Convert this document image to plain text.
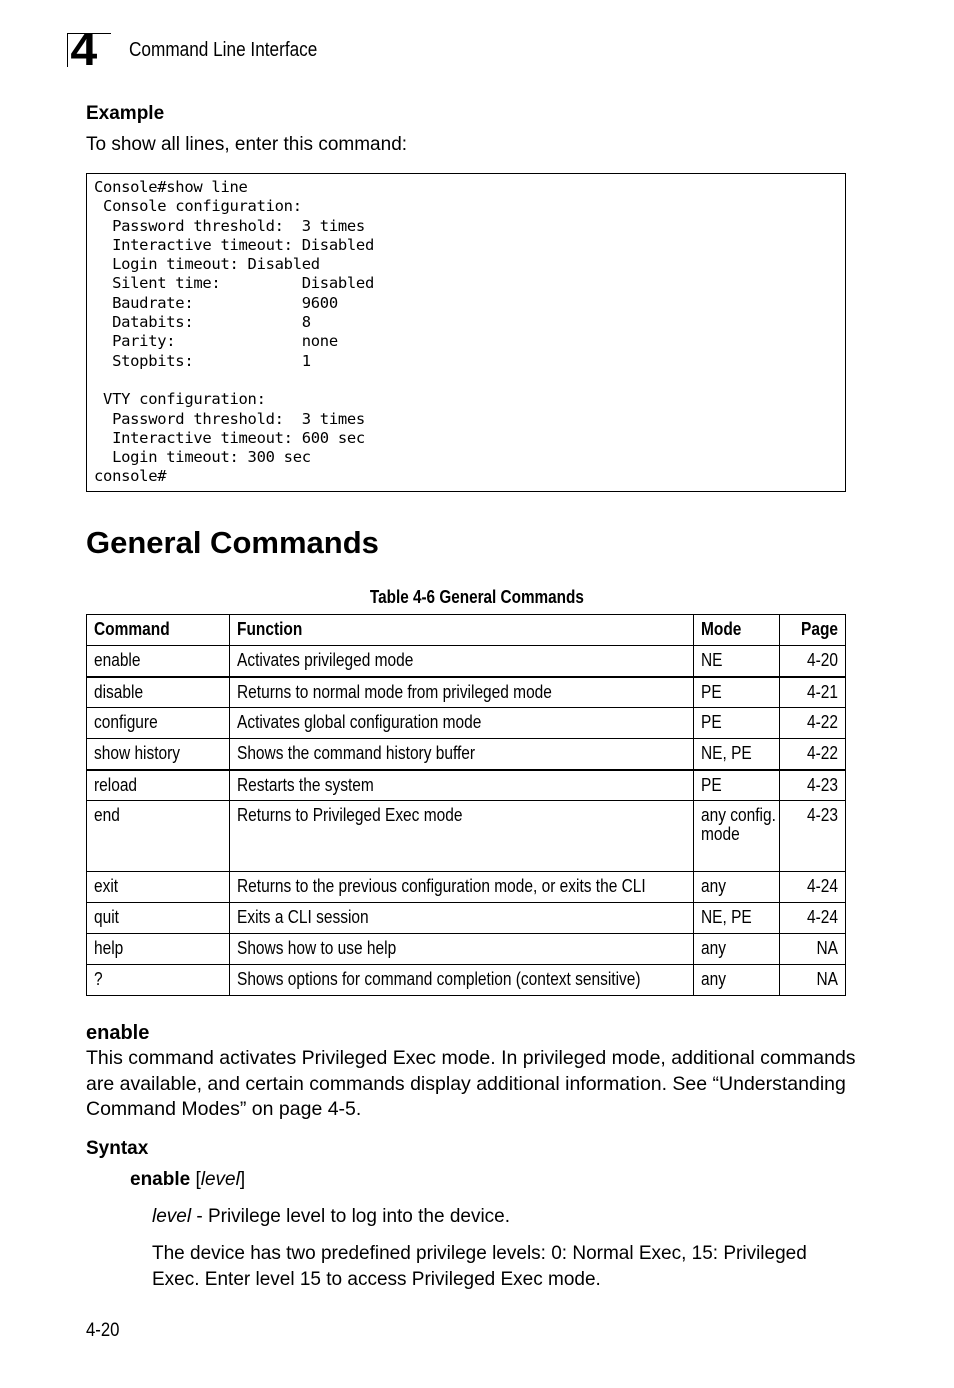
4 Command Line Interface
Example
To show all lines, enter this command:
Console#show line
Console configuration:
Password threshold:  3 times
Interactive timeout: Disabled
Login timeout: Disabled
Silent time:         Disabled
Baudrate:            9600
Databits:            8
Parity:              none
Stopbits:            1

VTY configuration:
Password threshold:  3 times
Interactive timeout: 600 sec
Login timeout: 300 sec
console#
General Commands
Table 4-6 General Commands
Command	Function	Mode	Page
enable	Activates privileged mode	NE	4-20
disable	Returns to normal mode from privileged mode	PE	4-21
configure	Activates global configuration mode	PE	4-22
show history	Shows the command history buffer	NE, PE	4-22
reload	Restarts the system	PE	4-23
end	Returns to Privileged Exec mode	any config. mode	4-23
exit	Returns to the previous configuration mode, or exits the CLI	any	4-24
quit	Exits a CLI session	NE, PE	4-24
help	Shows how to use help	any	NA
?	Shows options for command completion (context sensitive)	any	NA
enable
This command activates Privileged Exec mode. In privileged mode, additional commands are available, and certain commands display additional information. See “Understanding Command Modes” on page 4-5.
Syntax
enable [level]
level - Privilege level to log into the device.
The device has two predefined privilege levels: 0: Normal Exec, 15: Privileged Exec. Enter level 15 to access Privileged Exec mode.
4-20
